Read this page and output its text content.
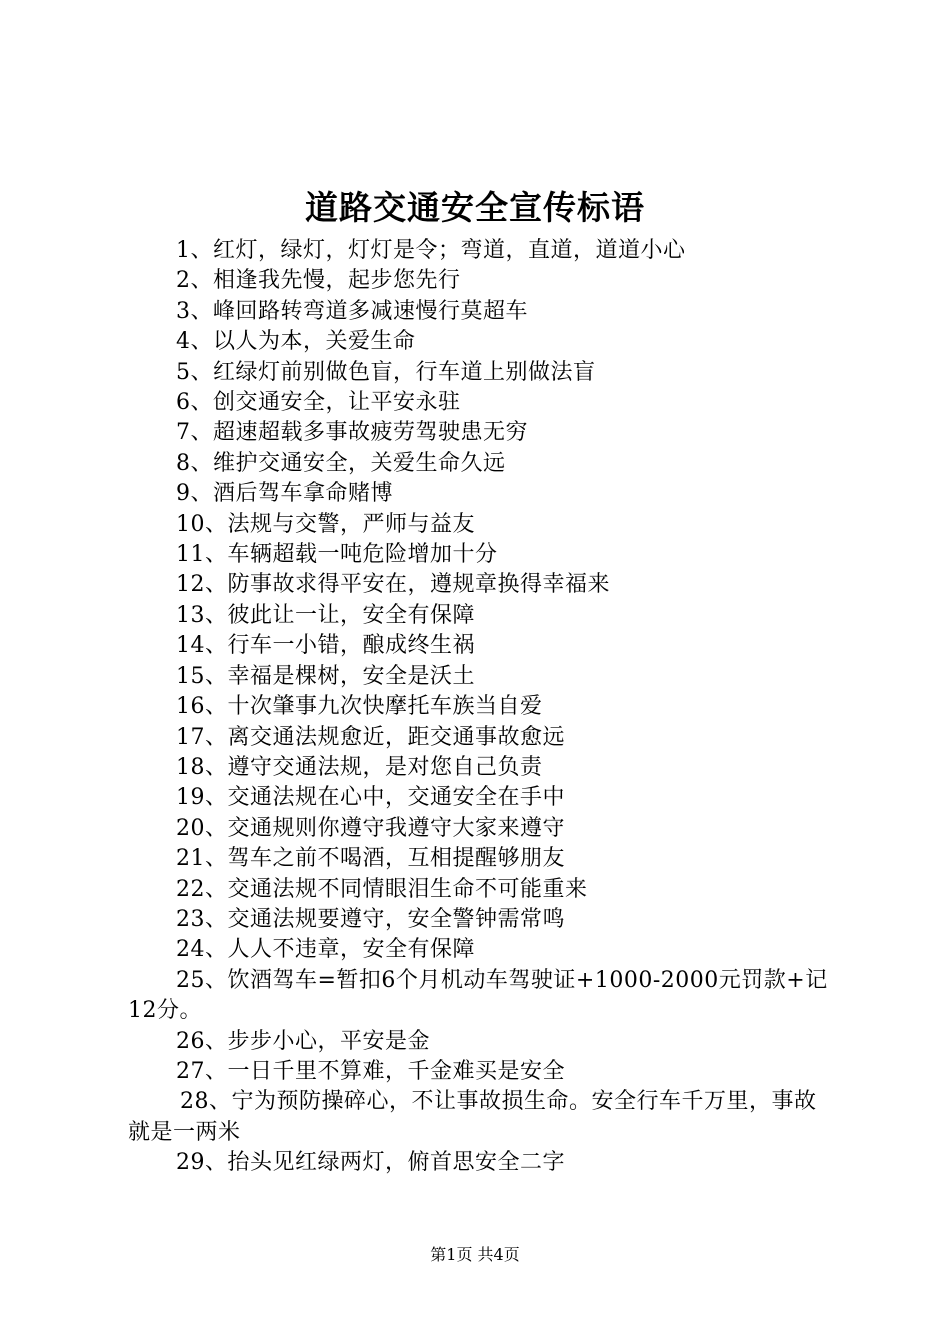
道路交通安全宣传标语
1、红灯，绿灯，灯灯是令；弯道，直道，道道小心
2、相逢我先慢，起步您先行
3、峰回路转弯道多减速慢行莫超车
4、以人为本，关爱生命
5、红绿灯前别做色盲，行车道上别做法盲
6、创交通安全，让平安永驻
7、超速超载多事故疲劳驾驶患无穷
8、维护交通安全，关爱生命久远
9、酒后驾车拿命赌博
10、法规与交警，严师与益友
11、车辆超载一吨危险增加十分
12、防事故求得平安在，遵规章换得幸福来
13、彼此让一让，安全有保障
14、行车一小错，酿成终生祸
15、幸福是棵树，安全是沃土
16、十次肇事九次快摩托车族当自爱
17、离交通法规愈近，距交通事故愈远
18、遵守交通法规，是对您自己负责
19、交通法规在心中，交通安全在手中
20、交通规则你遵守我遵守大家来遵守
21、驾车之前不喝酒，互相提醒够朋友
22、交通法规不同情眼泪生命不可能重来
23、交通法规要遵守，安全警钟需常鸣
24、人人不违章，安全有保障
25、饮酒驾车=暂扣6个月机动车驾驶证+1000-2000元罚款+记12分。
26、步步小心，平安是金
27、一日千里不算难，千金难买是安全
28、宁为预防操碎心，不让事故损生命。安全行车千万里，事故就是一两米
29、抬头见红绿两灯，俯首思安全二字
第1页 共4页
